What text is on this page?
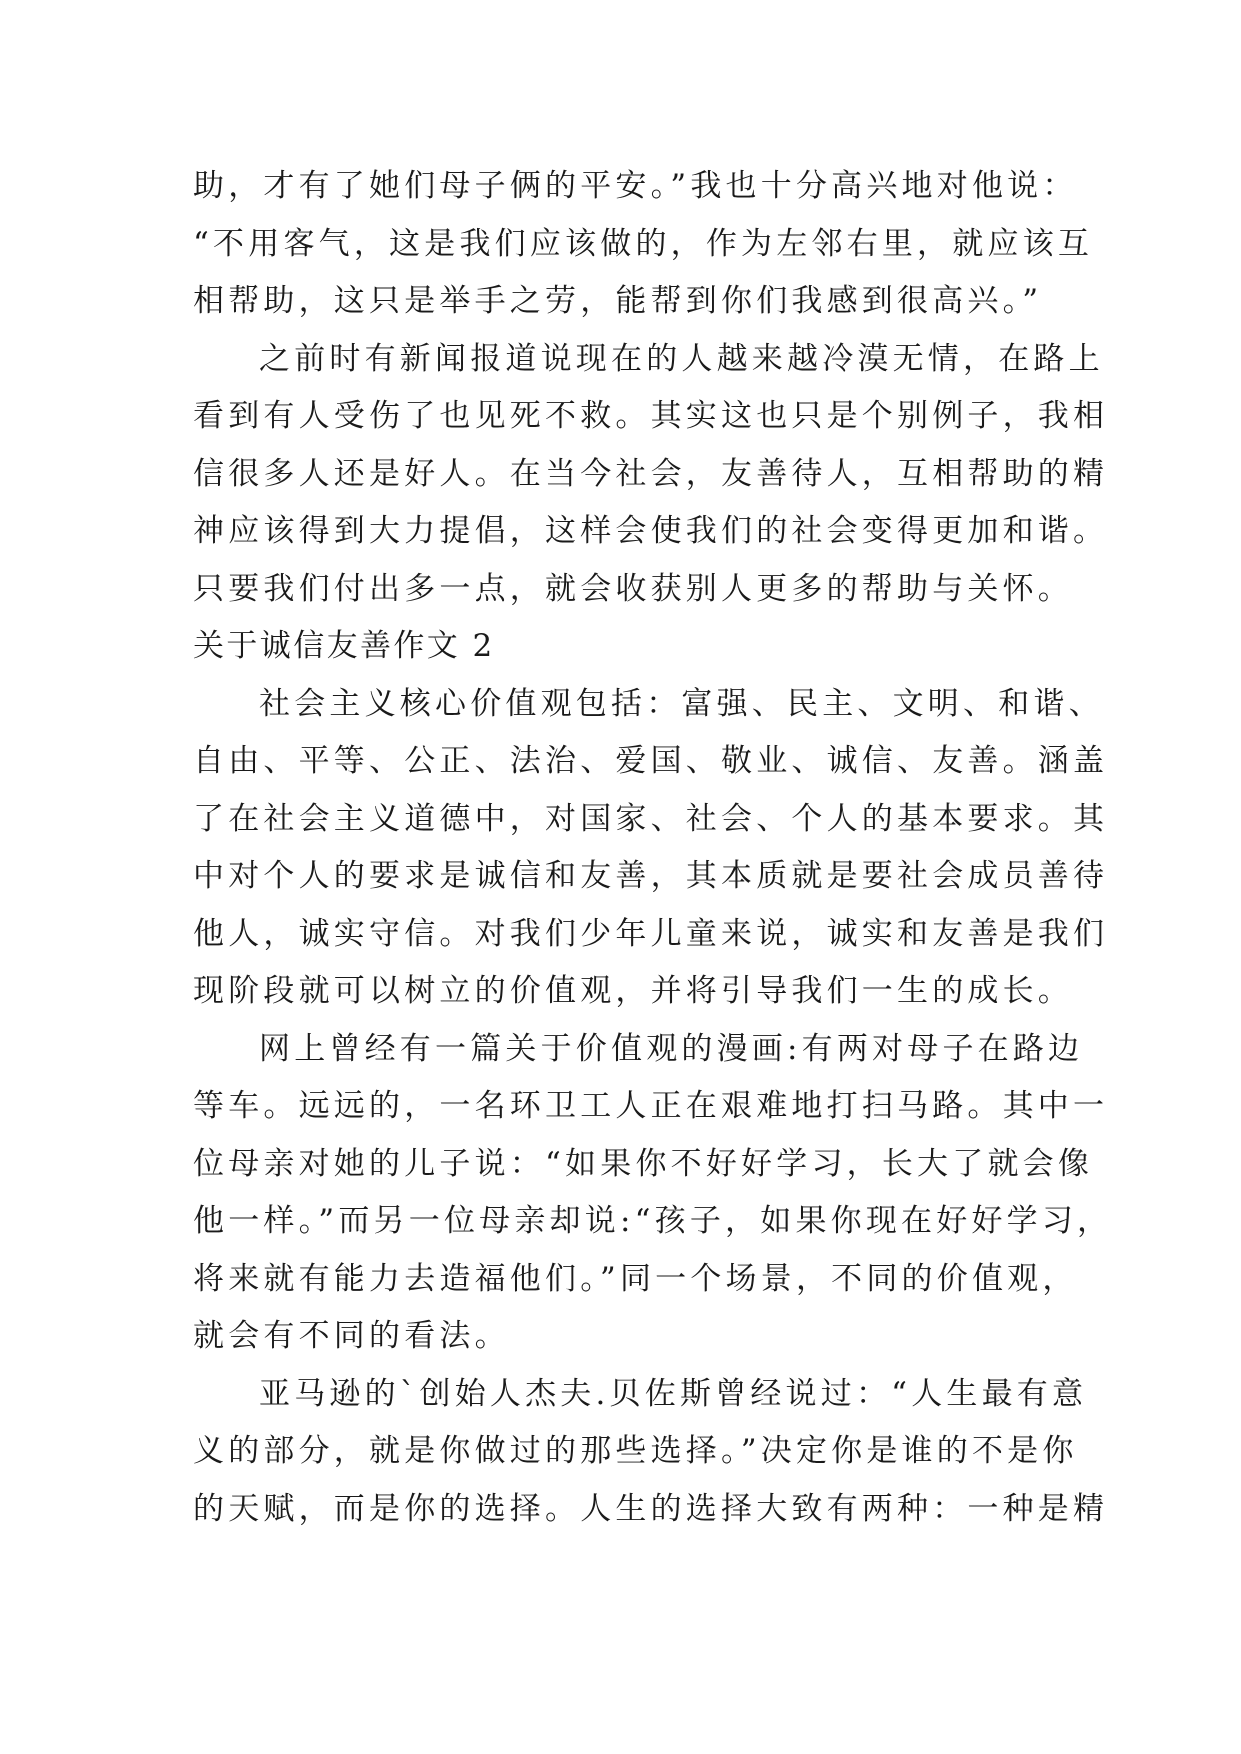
助，才有了她们母子俩的平安。”我也十分高兴地对他说：
“不用客气，这是我们应该做的，作为左邻右里，就应该互
相帮助，这只是举手之劳，能帮到你们我感到很高兴。”
之前时有新闻报道说现在的人越来越冷漠无情，在路上
看到有人受伤了也见死不救。其实这也只是个别例子，我相
信很多人还是好人。在当今社会，友善待人，互相帮助的精
神应该得到大力提倡，这样会使我们的社会变得更加和谐。
只要我们付出多一点，就会收获别人更多的帮助与关怀。
关于诚信友善作文 2
社会主义核心价值观包括：富强、民主、文明、和谐、
自由、平等、公正、法治、爱国、敬业、诚信、友善。涵盖
了在社会主义道德中，对国家、社会、个人的基本要求。其
中对个人的要求是诚信和友善，其本质就是要社会成员善待
他人，诚实守信。对我们少年儿童来说，诚实和友善是我们
现阶段就可以树立的价值观，并将引导我们一生的成长。
网上曾经有一篇关于价值观的漫画:有两对母子在路边
等车。远远的，一名环卫工人正在艰难地打扫马路。其中一
位母亲对她的儿子说：“如果你不好好学习，长大了就会像
他一样。”而另一位母亲却说:“孩子，如果你现在好好学习，
将来就有能力去造福他们。”同一个场景，不同的价值观，
就会有不同的看法。
亚马逊的`创始人杰夫.贝佐斯曾经说过：“人生最有意
义的部分，就是你做过的那些选择。”决定你是谁的不是你
的天赋，而是你的选择。人生的选择大致有两种：一种是精
